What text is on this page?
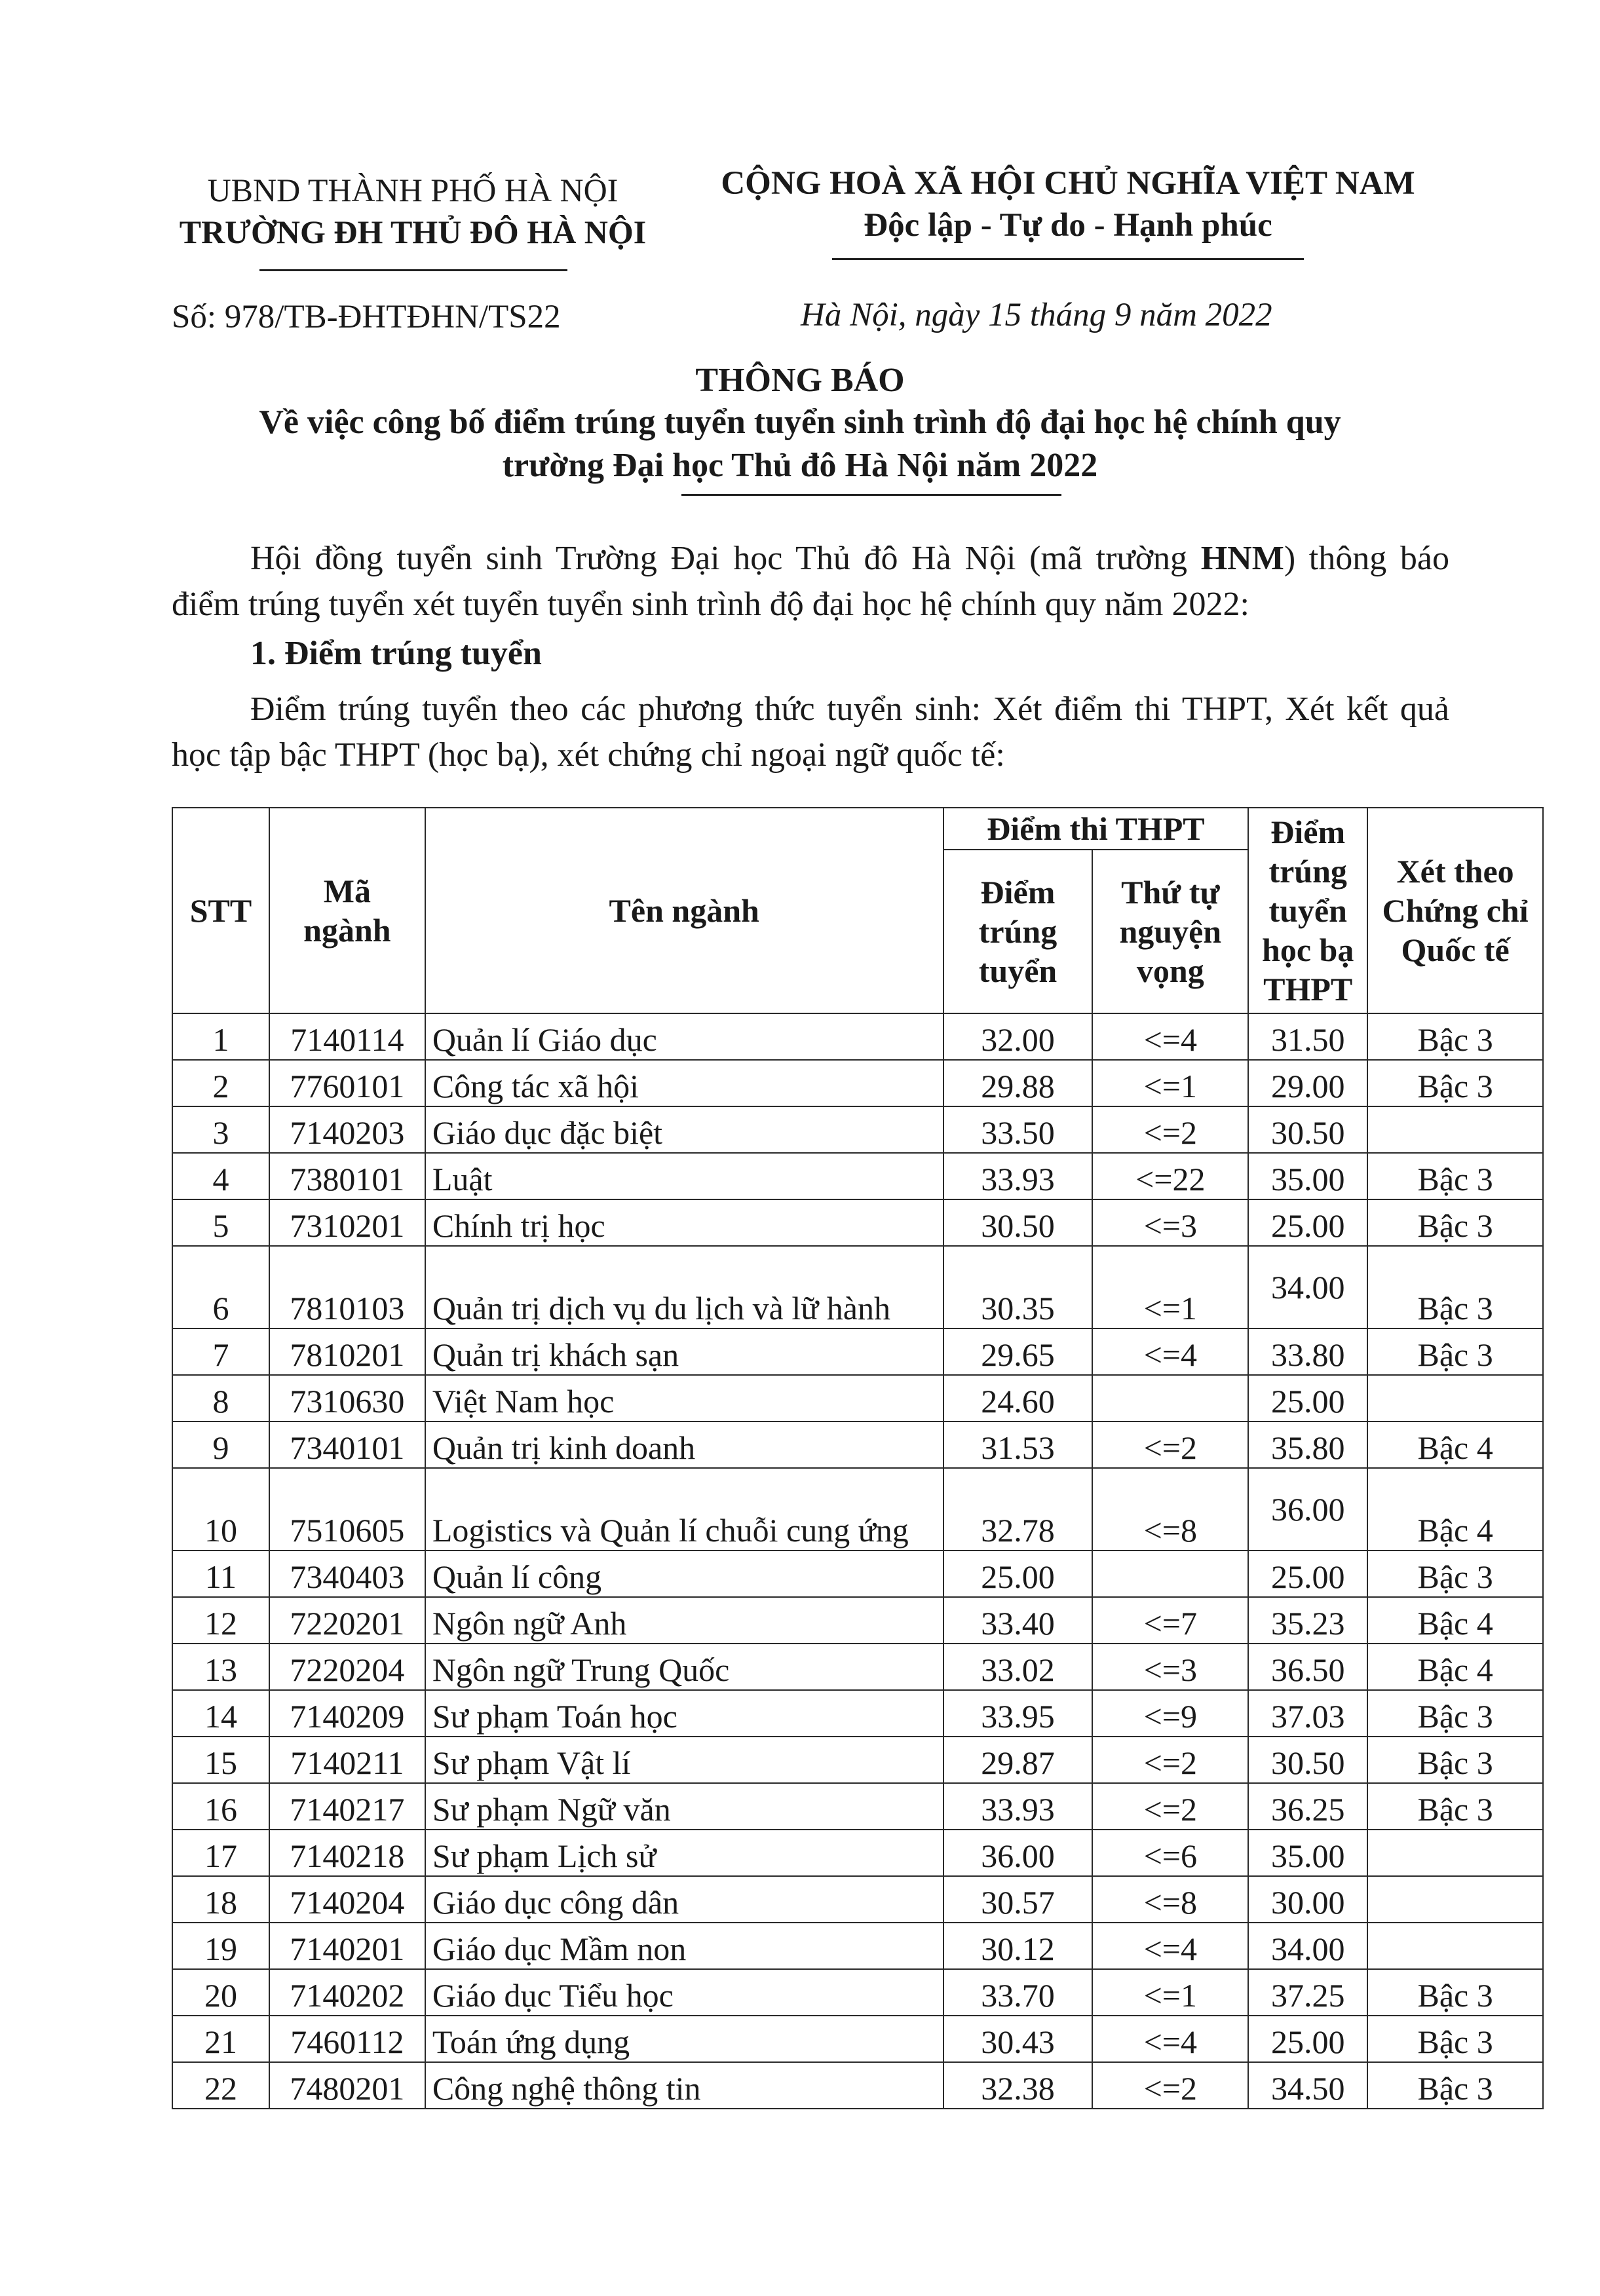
UBND THÀNH PHỐ HÀ NỘI
TRƯỜNG ĐH THỦ ĐÔ HÀ NỘI
CỘNG HOÀ XÃ HỘI CHỦ NGHĨA VIỆT NAM
Độc lập - Tự do - Hạnh phúc
Số: 978/TB-ĐHTĐHN/TS22	Hà Nội, ngày 15 tháng 9 năm 2022
THÔNG BÁO
Về việc công bố điểm trúng tuyển tuyển sinh trình độ đại học hệ chính quy
trường Đại học Thủ đô Hà Nội năm 2022
Hội đồng tuyển sinh Trường Đại học Thủ đô Hà Nội (mã trường HNM) thông báo điểm trúng tuyển xét tuyển tuyển sinh trình độ đại học hệ chính quy năm 2022:
1. Điểm trúng tuyển
Điểm trúng tuyển theo các phương thức tuyển sinh: Xét điểm thi THPT, Xét kết quả học tập bậc THPT (học bạ), xét chứng chỉ ngoại ngữ quốc tế:
STT	Mã ngành	Tên ngành	Điểm thi THPT		Điểm trúng tuyển học bạ THPT	Xét theo Chứng chỉ Quốc tế
			Điểm trúng tuyển	Thứ tự nguyện vọng		
1	7140114	Quản lí Giáo dục	32.00	<=4	31.50	Bậc 3
2	7760101	Công tác xã hội	29.88	<=1	29.00	Bậc 3
3	7140203	Giáo dục đặc biệt	33.50	<=2	30.50	
4	7380101	Luật	33.93	<=22	35.00	Bậc 3
5	7310201	Chính trị học	30.50	<=3	25.00	Bậc 3
6	7810103	Quản trị dịch vụ du lịch và lữ hành	30.35	<=1	34.00	Bậc 3
7	7810201	Quản trị khách sạn	29.65	<=4	33.80	Bậc 3
8	7310630	Việt Nam học	24.60		25.00	
9	7340101	Quản trị kinh doanh	31.53	<=2	35.80	Bậc 4
10	7510605	Logistics và Quản lí chuỗi cung ứng	32.78	<=8	36.00	Bậc 4
11	7340403	Quản lí công	25.00		25.00	Bậc 3
12	7220201	Ngôn ngữ Anh	33.40	<=7	35.23	Bậc 4
13	7220204	Ngôn ngữ Trung Quốc	33.02	<=3	36.50	Bậc 4
14	7140209	Sư phạm Toán học	33.95	<=9	37.03	Bậc 3
15	7140211	Sư phạm Vật lí	29.87	<=2	30.50	Bậc 3
16	7140217	Sư phạm Ngữ văn	33.93	<=2	36.25	Bậc 3
17	7140218	Sư phạm Lịch sử	36.00	<=6	35.00	
18	7140204	Giáo dục công dân	30.57	<=8	30.00	
19	7140201	Giáo dục Mầm non	30.12	<=4	34.00	
20	7140202	Giáo dục Tiểu học	33.70	<=1	37.25	Bậc 3
21	7460112	Toán ứng dụng	30.43	<=4	25.00	Bậc 3
22	7480201	Công nghệ thông tin	32.38	<=2	34.50	Bậc 3
